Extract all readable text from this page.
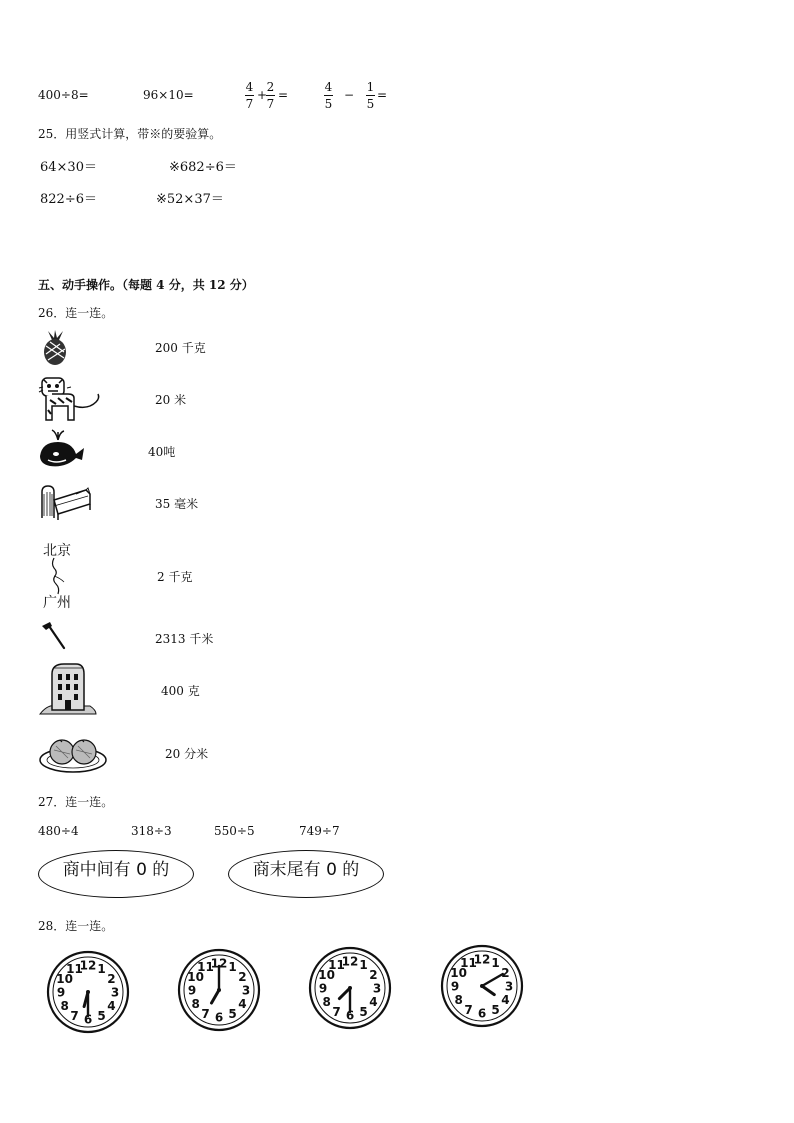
400÷8=	96×10=
4
7
+
2
7
=
4
5
−
1
5
=
25．用竖式计算，带※的要验算。
64×30＝	※682÷6＝
822÷6＝	※52×37＝
五、动手操作。（每题 4 分，共 12 分）
26．连一连。
200 千克
20 米
40吨
35 毫米
北京
广州
2 千克
2313 千米
400 克
20 分米
27．连一连。
480÷4	318÷3	550÷5	749÷7
商中间有 0 的	商末尾有 0 的
28．连一连。
1
2
3
4
5
6
7
8
9
10
11
12	1
2
3
4
5
6
7
8
9
10
11
12	1
2
3
4
5
6
7
8
9
10
11
12	1
2
3
4
5
6
7
8
9
10
11
12
